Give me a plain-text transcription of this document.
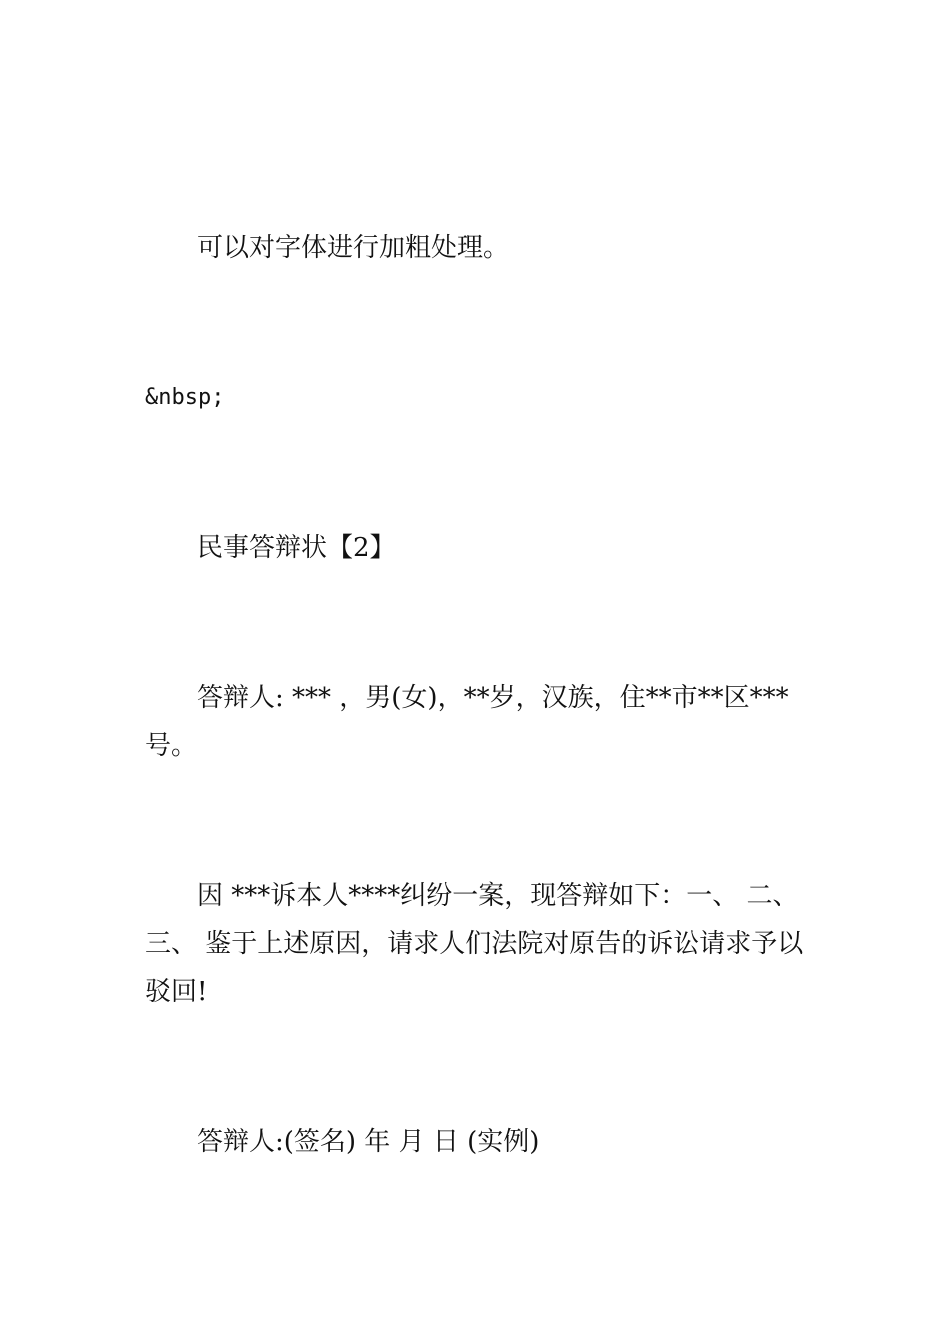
可以对字体进行加粗处理。

&nbsp;

民事答辩状【2】

答辩人: *** ，男(女)，**岁，汉族，住**市**区***号。

因 ***诉本人****纠纷一案，现答辩如下：一、 二、三、 鉴于上述原因，请求人们法院对原告的诉讼请求予以驳回!

答辩人:(签名) 年 月 日 (实例)
